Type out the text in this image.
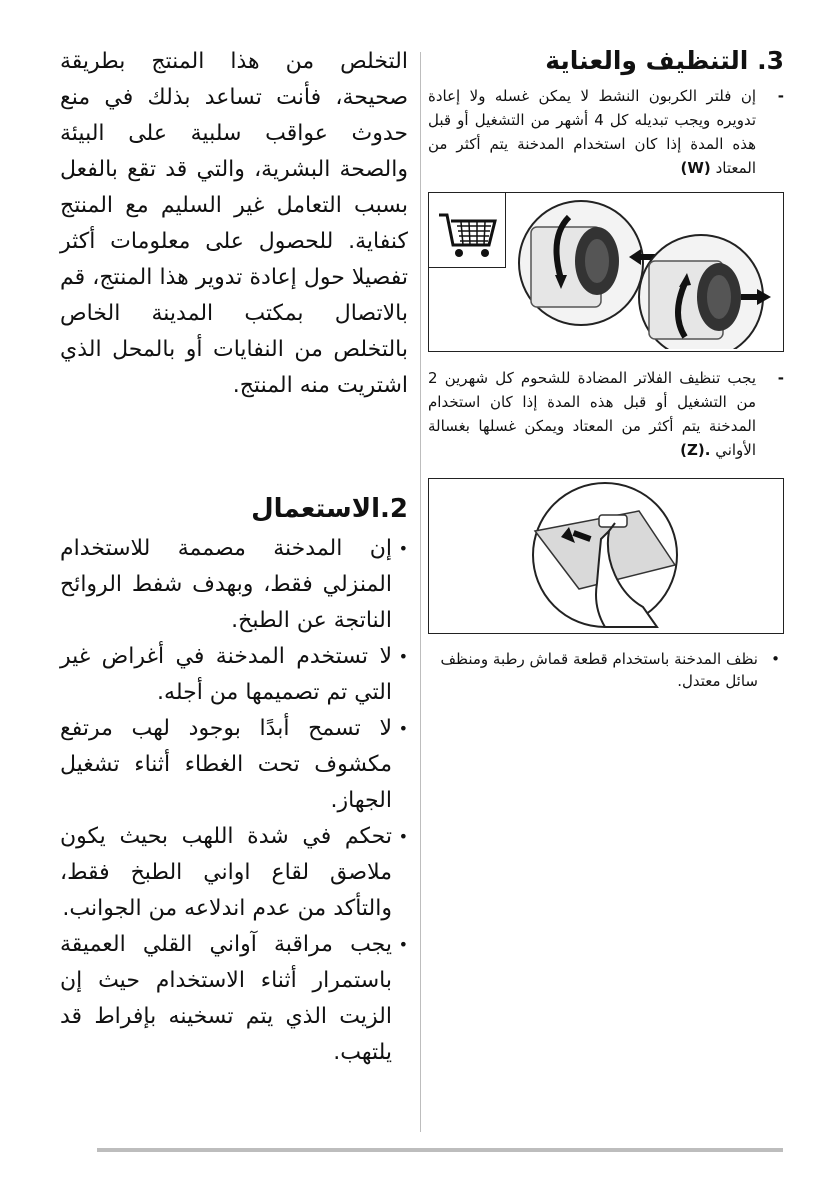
3. التنظيف والعناية
-
إن فلتر الكربون النشط لا يمكن غسله ولا إعادة تدويره ويجب تبديله كل 4 أشهر من التشغيل أو قبل هذه المدة إذا كان استخدام المدخنة يتم أكثر من المعتاد (W)
-
يجب تنظيف الفلاتر المضادة للشحوم كل شهرين 2 من التشغيل أو قبل هذه المدة إذا كان استخدام المدخنة يتم أكثر من المعتاد ويمكن غسلها بغسالة الأواني (Z).
•
نظف المدخنة باستخدام قطعة قماش رطبة ومنظف سائل معتدل.

التخلص من هذا المنتج بطريقة صحيحة، فأنت تساعد بذلك في منع حدوث عواقب سلبية على البيئة والصحة البشرية، والتي قد تقع بالفعل بسبب التعامل غير السليم مع المنتج كنفاية. للحصول على معلومات أكثر تفصيلا حول إعادة تدوير هذا المنتج، قم بالاتصال بمكتب المدينة الخاص بالتخلص من النفايات أو بالمحل الذي اشتريت منه المنتج.

2.الاستعمال
•
إن المدخنة مصممة للاستخدام المنزلي فقط، وبهدف شفط الروائح الناتجة عن الطبخ.
•
لا تستخدم المدخنة في أغراض غير التي تم تصميمها من أجله.
•
لا تسمح أبدًا بوجود لهب مرتفع مكشوف تحت الغطاء أثناء تشغيل الجهاز.
•
تحكم في شدة اللهب بحيث يكون ملاصق لقاع اواني الطبخ فقط، والتأكد من عدم اندلاعه من الجوانب.
•
يجب مراقبة آواني القلي العميقة باستمرار أثناء الاستخدام حيث إن الزيت الذي يتم تسخينه بإفراط قد يلتهب.
